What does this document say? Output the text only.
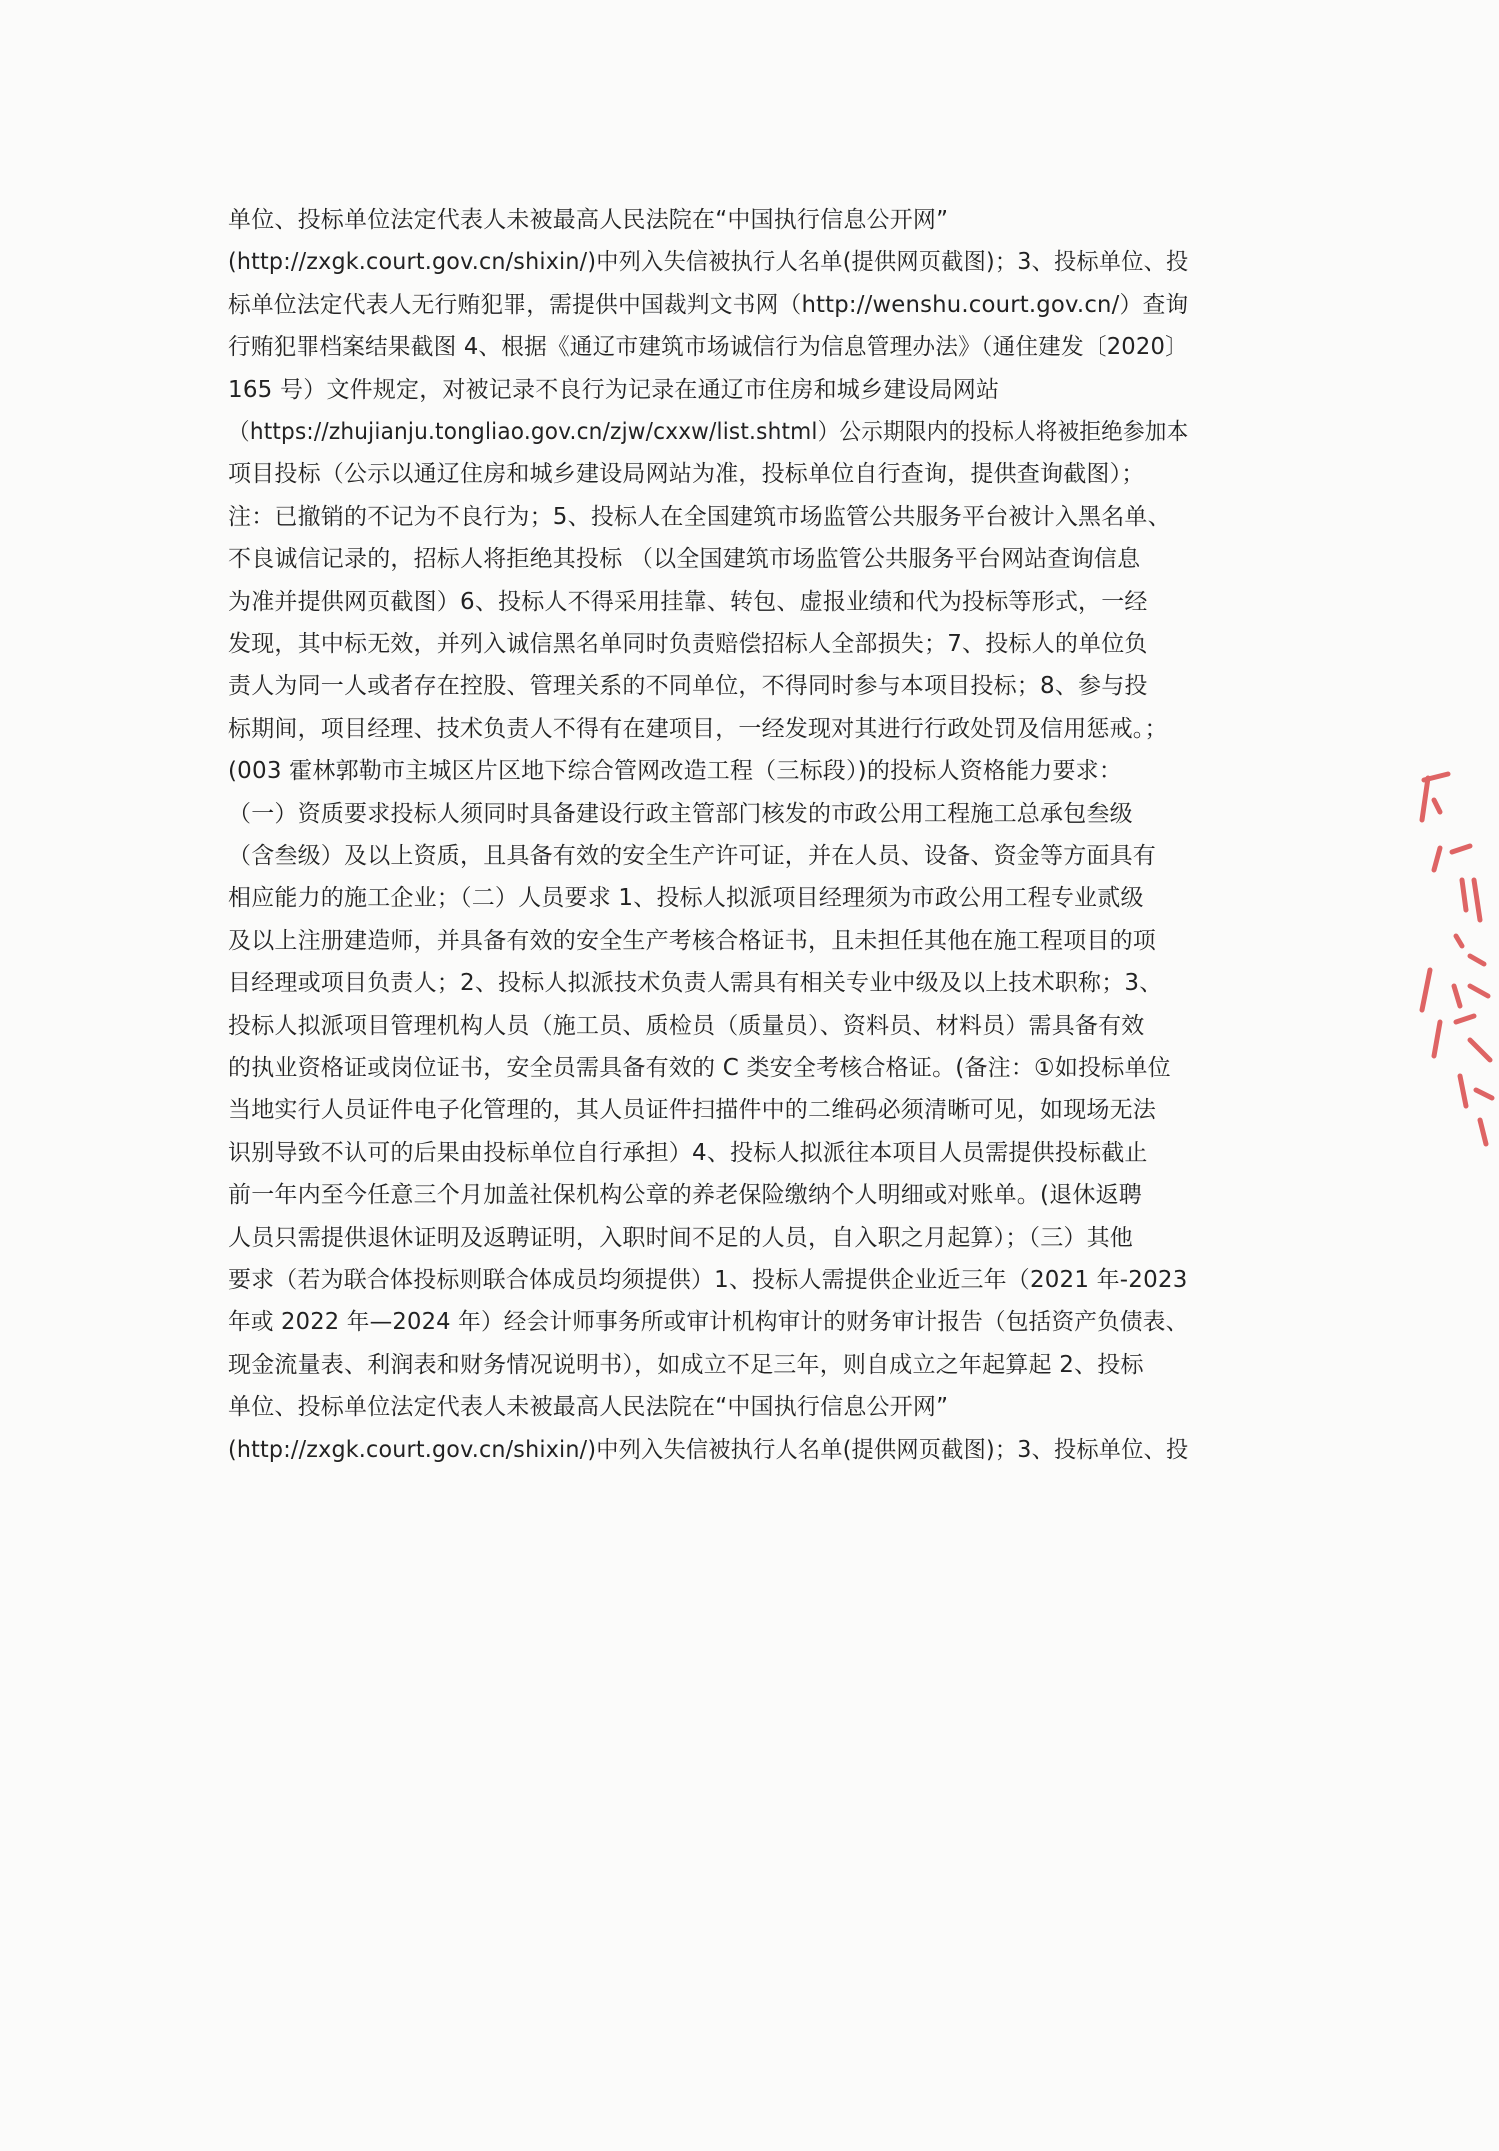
单位、投标单位法定代表人未被最高人民法院在“中国执行信息公开网”
(http://zxgk.court.gov.cn/shixin/)中列入失信被执行人名单(提供网页截图)；3、投标单位、投
标单位法定代表人无行贿犯罪，需提供中国裁判文书网（http://wenshu.court.gov.cn/）查询
行贿犯罪档案结果截图 4、根据《通辽市建筑市场诚信行为信息管理办法》（通住建发〔2020〕
165 号）文件规定，对被记录不良行为记录在通辽市住房和城乡建设局网站
（https://zhujianju.tongliao.gov.cn/zjw/cxxw/list.shtml）公示期限内的投标人将被拒绝参加本
项目投标（公示以通辽住房和城乡建设局网站为准，投标单位自行查询，提供查询截图）；
注：已撤销的不记为不良行为；5、投标人在全国建筑市场监管公共服务平台被计入黑名单、
不良诚信记录的，招标人将拒绝其投标 （以全国建筑市场监管公共服务平台网站查询信息
为准并提供网页截图）6、投标人不得采用挂靠、转包、虚报业绩和代为投标等形式，一经
发现，其中标无效，并列入诚信黑名单同时负责赔偿招标人全部损失；7、投标人的单位负
责人为同一人或者存在控股、管理关系的不同单位，不得同时参与本项目投标；8、参与投
标期间，项目经理、技术负责人不得有在建项目，一经发现对其进行行政处罚及信用惩戒。；
(003 霍林郭勒市主城区片区地下综合管网改造工程（三标段）)的投标人资格能力要求：
（一）资质要求投标人须同时具备建设行政主管部门核发的市政公用工程施工总承包叁级
（含叁级）及以上资质，且具备有效的安全生产许可证，并在人员、设备、资金等方面具有
相应能力的施工企业；（二）人员要求 1、投标人拟派项目经理须为市政公用工程专业贰级
及以上注册建造师，并具备有效的安全生产考核合格证书，且未担任其他在施工程项目的项
目经理或项目负责人；2、投标人拟派技术负责人需具有相关专业中级及以上技术职称；3、
投标人拟派项目管理机构人员（施工员、质检员（质量员）、资料员、材料员）需具备有效
的执业资格证或岗位证书，安全员需具备有效的 C 类安全考核合格证。(备注：①如投标单位
当地实行人员证件电子化管理的，其人员证件扫描件中的二维码必须清晰可见，如现场无法
识别导致不认可的后果由投标单位自行承担）4、投标人拟派往本项目人员需提供投标截止
前一年内至今任意三个月加盖社保机构公章的养老保险缴纳个人明细或对账单。(退休返聘
人员只需提供退休证明及返聘证明，入职时间不足的人员，自入职之月起算）；（三）其他
要求（若为联合体投标则联合体成员均须提供）1、投标人需提供企业近三年（2021 年-2023
年或 2022 年—2024 年）经会计师事务所或审计机构审计的财务审计报告（包括资产负债表、
现金流量表、利润表和财务情况说明书），如成立不足三年，则自成立之年起算起 2、投标
单位、投标单位法定代表人未被最高人民法院在“中国执行信息公开网”
(http://zxgk.court.gov.cn/shixin/)中列入失信被执行人名单(提供网页截图)；3、投标单位、投
